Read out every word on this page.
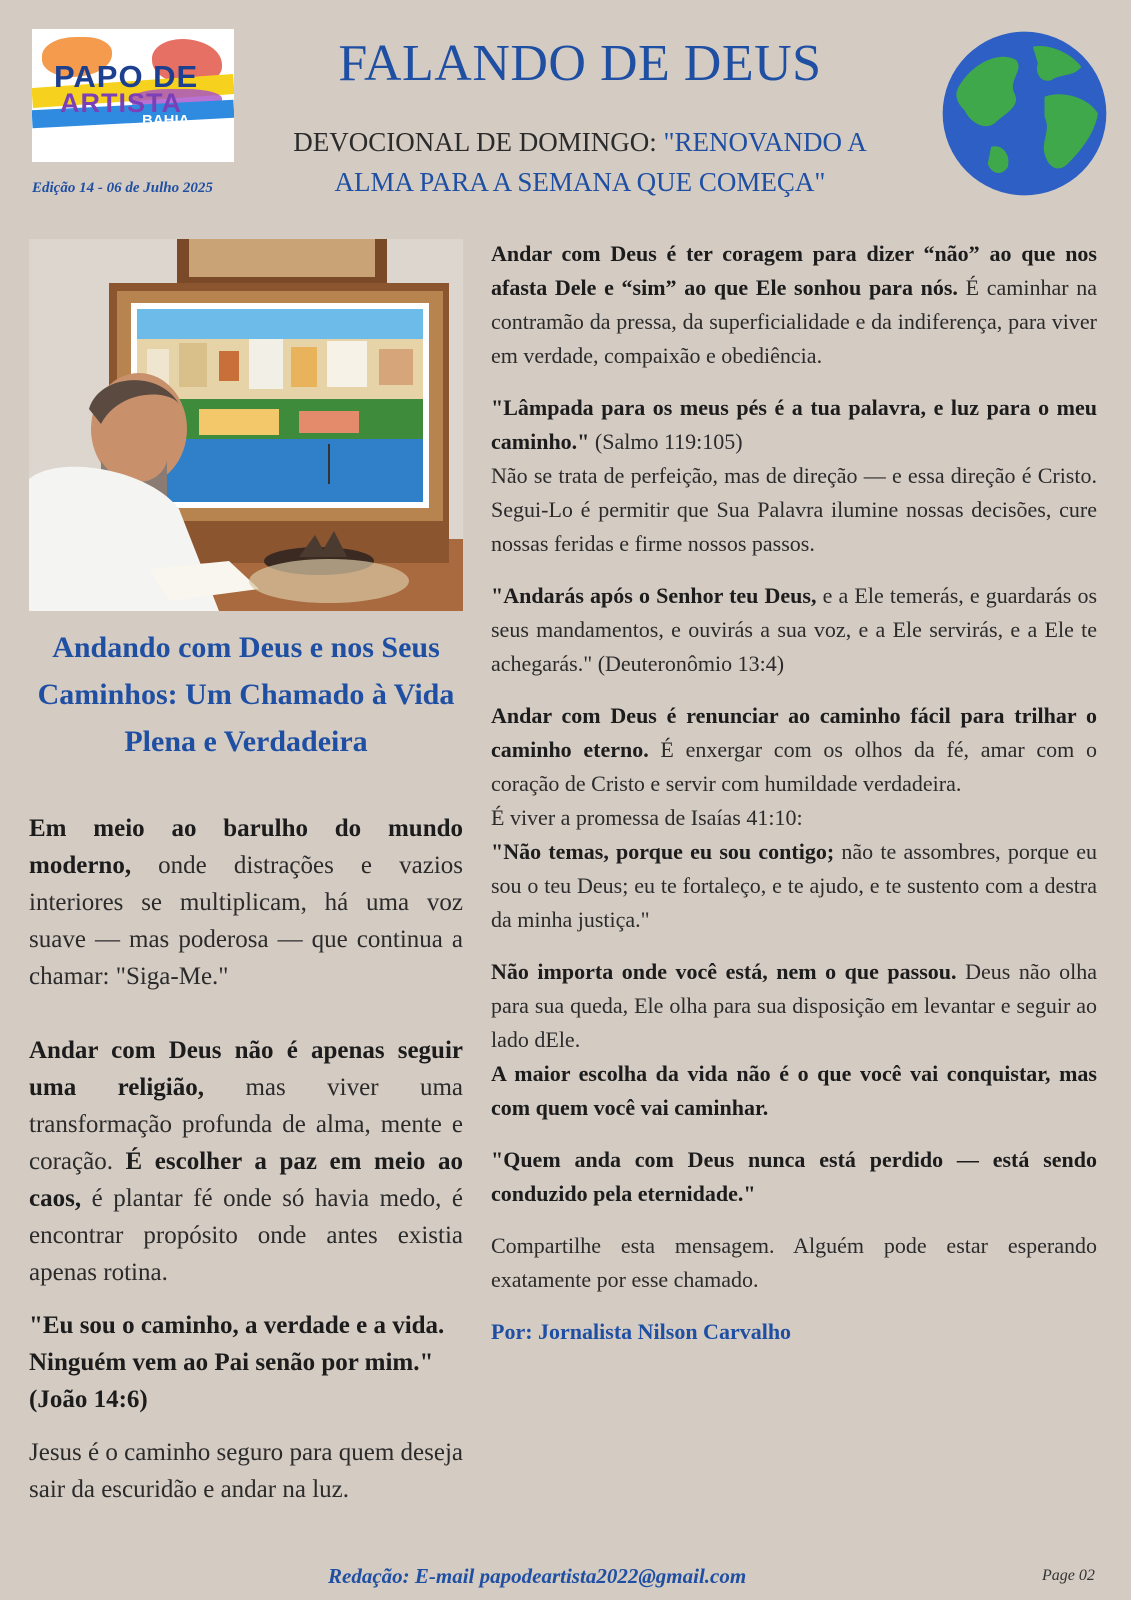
PAPO DE
ARTISTA
BAHIA
Edição 14 - 06 de Julho 2025
FALANDO DE DEUS
DEVOCIONAL DE DOMINGO: "RENOVANDO A ALMA PARA A SEMANA QUE COMEÇA"
Andando com Deus e nos Seus Caminhos: Um Chamado à Vida Plena e Verdadeira

Em meio ao barulho do mundo moderno, onde distrações e vazios interiores se multiplicam, há uma voz suave — mas poderosa — que continua a chamar: "Siga-Me."

Andar com Deus não é apenas seguir uma religião, mas viver uma transformação profunda de alma, mente e coração. É escolher a paz em meio ao caos, é plantar fé onde só havia medo, é encontrar propósito onde antes existia apenas rotina.

"Eu sou o caminho, a verdade e a vida. Ninguém vem ao Pai senão por mim." (João 14:6)

Jesus é o caminho seguro para quem deseja sair da escuridão e andar na luz.

Andar com Deus é ter coragem para dizer “não” ao que nos afasta Dele e “sim” ao que Ele sonhou para nós. É caminhar na contramão da pressa, da superficialidade e da indiferença, para viver em verdade, compaixão e obediência.

"Lâmpada para os meus pés é a tua palavra, e luz para o meu caminho." (Salmo 119:105)
Não se trata de perfeição, mas de direção — e essa direção é Cristo. Segui-Lo é permitir que Sua Palavra ilumine nossas decisões, cure nossas feridas e firme nossos passos.

"Andarás após o Senhor teu Deus, e a Ele temerás, e guardarás os seus mandamentos, e ouvirás a sua voz, e a Ele servirás, e a Ele te achegarás." (Deuteronômio 13:4)

Andar com Deus é renunciar ao caminho fácil para trilhar o caminho eterno. É enxergar com os olhos da fé, amar com o coração de Cristo e servir com humildade verdadeira.
É viver a promessa de Isaías 41:10:
"Não temas, porque eu sou contigo; não te assombres, porque eu sou o teu Deus; eu te fortaleço, e te ajudo, e te sustento com a destra da minha justiça."

Não importa onde você está, nem o que passou. Deus não olha para sua queda, Ele olha para sua disposição em levantar e seguir ao lado dEle.
A maior escolha da vida não é o que você vai conquistar, mas com quem você vai caminhar.

"Quem anda com Deus nunca está perdido — está sendo conduzido pela eternidade."

Compartilhe esta mensagem. Alguém pode estar esperando exatamente por esse chamado.

Por: Jornalista Nilson Carvalho

Redação: E-mail papodeartista2022@gmail.com	Page 02
